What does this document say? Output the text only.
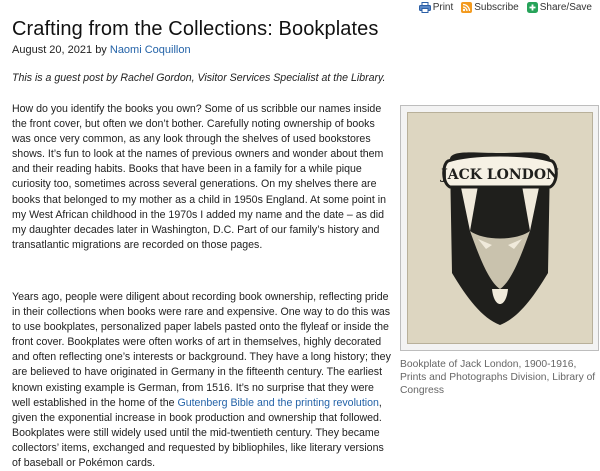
Print Subscribe Share/Save
Crafting from the Collections: Bookplates
August 20, 2021 by Naomi Coquillon

This is a guest post by Rachel Gordon, Visitor Services Specialist at the Library.

How do you identify the books you own? Some of us scribble our names inside the front cover, but often we don’t bother. Carefully noting ownership of books was once very common, as any look through the shelves of used bookstores shows. It’s fun to look at the names of previous owners and wonder about them and their reading habits. Books that have been in a family for a while pique curiosity too, sometimes across several generations. On my shelves there are books that belonged to my mother as a child in 1950s England. At some point in my West African childhood in the 1970s I added my name and the date – as did my daughter decades later in Washington, D.C. Part of our family’s history and transatlantic migrations are recorded on those pages.

Years ago, people were diligent about recording book ownership, reflecting pride in their collections when books were rare and expensive. One way to do this was to use bookplates, personalized paper labels pasted onto the flyleaf or inside the front cover. Bookplates were often works of art in themselves, highly decorated and often reflecting one’s interests or background. They have a long history; they are believed to have originated in Germany in the fifteenth century. The earliest known existing example is German, from 1516. It’s no surprise that they were well established in the home of the Gutenberg Bible and the printing revolution, given the exponential increase in book production and ownership that followed. Bookplates were still widely used until the mid-twentieth century. They became collectors’ items, exchanged and requested by bibliophiles, like literary versions of baseball or Pokémon cards.

JACK LONDON

Bookplate of Jack London, 1900-1916, Prints and Photographs Division, Library of Congress
